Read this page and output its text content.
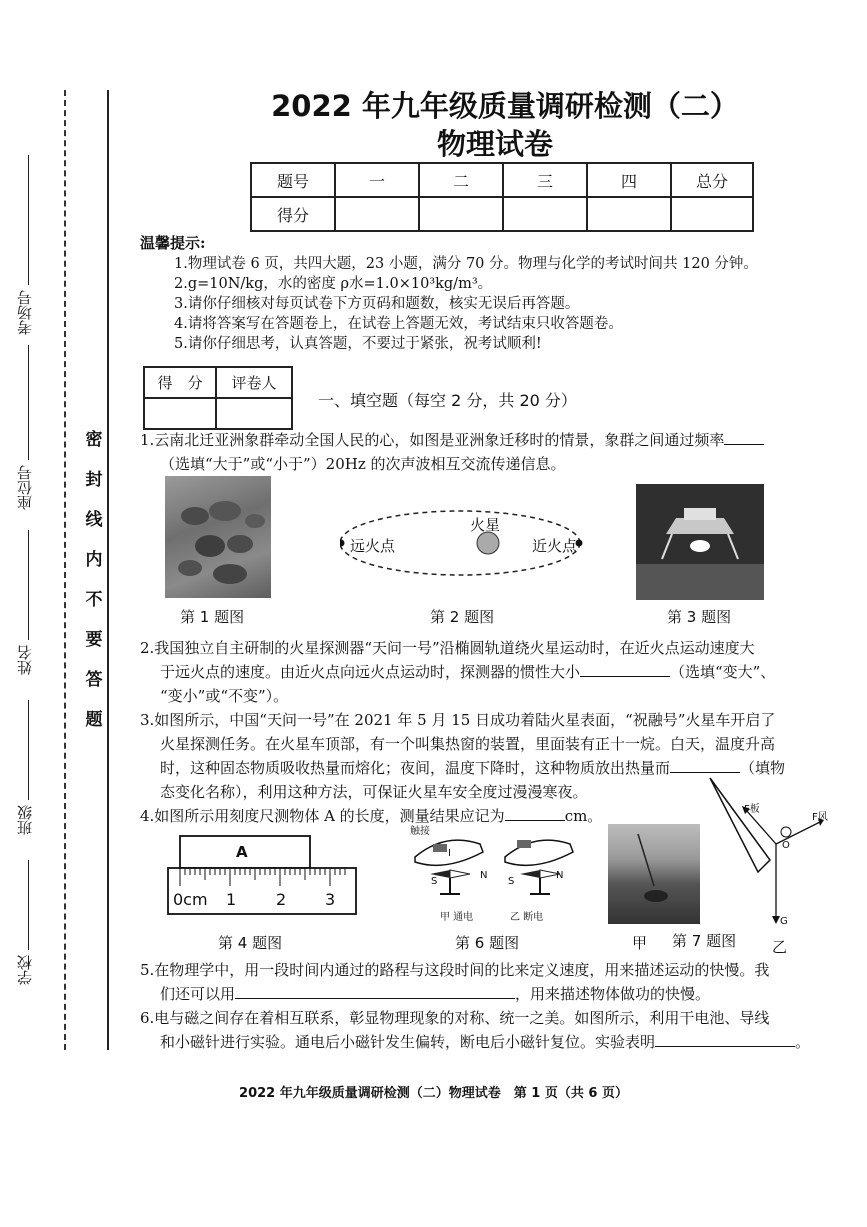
考场号
座位号
姓名
班级
学校
密
封
线
内
不
要
答
题
2022 年九年级质量调研检测（二）
物理试卷
题号	一	二	三	四	总分
得分					
温馨提示:
1.物理试卷 6 页，共四大题，23 小题，满分 70 分。物理与化学的考试时间共 120 分钟。
2.g=10N/kg，水的密度 ρ水=1.0×10³kg/m³。
3.请你仔细核对每页试卷下方页码和题数，核实无误后再答题。
4.请将答案写在答题卷上，在试卷上答题无效，考试结束只收答题卷。
5.请你仔细思考，认真答题，不要过于紧张，祝考试顺利!
得　分	评卷人

一、填空题（每空 2 分，共 20 分）
1.云南北迁亚洲象群牵动全国人民的心，如图是亚洲象迁移时的情景，象群之间通过频率
（选填“大于”或“小于”）20Hz 的次声波相互交流传递信息。
第 1 题图
远火点	近火点
火星
第 2 题图	第 3 题图
2.我国独立自主研制的火星探测器“天问一号”沿椭圆轨道绕火星运动时，在近火点运动速度大
于远火点的速度。由近火点向远火点运动时，探测器的惯性大小	（选填“变大”、
“变小”或“不变”）。
3.如图所示，中国“天问一号”在 2021 年 5 月 15 日成功着陆火星表面，“祝融号”火星车开启了
火星探测任务。在火星车顶部，有一个叫集热窗的装置，里面装有正十一烷。白天，温度升高
时，这种固态物质吸收热量而熔化；夜间，温度下降时，这种物质放出热量而	（填物
态变化名称），利用这种方法，可保证火星车安全度过漫漫寒夜。
4.如图所示用刻度尺测物体 A 的长度，测量结果应记为	cm。
A
0cm 1 2 3
第 4 题图
触接
I
S
N
S
N
甲 通电	乙 断电
第 6 题图
F板
F风
O
G
甲 第 7 题图 乙
5.在物理学中，用一段时间内通过的路程与这段时间的比来定义速度，用来描述运动的快慢。我
们还可以用	，用来描述物体做功的快慢。
6.电与磁之间存在着相互联系，彰显物理现象的对称、统一之美。如图所示，利用干电池、导线
和小磁针进行实验。通电后小磁针发生偏转，断电后小磁针复位。实验表明	。
2022 年九年级质量调研检测（二）物理试卷　第 1 页（共 6 页）
